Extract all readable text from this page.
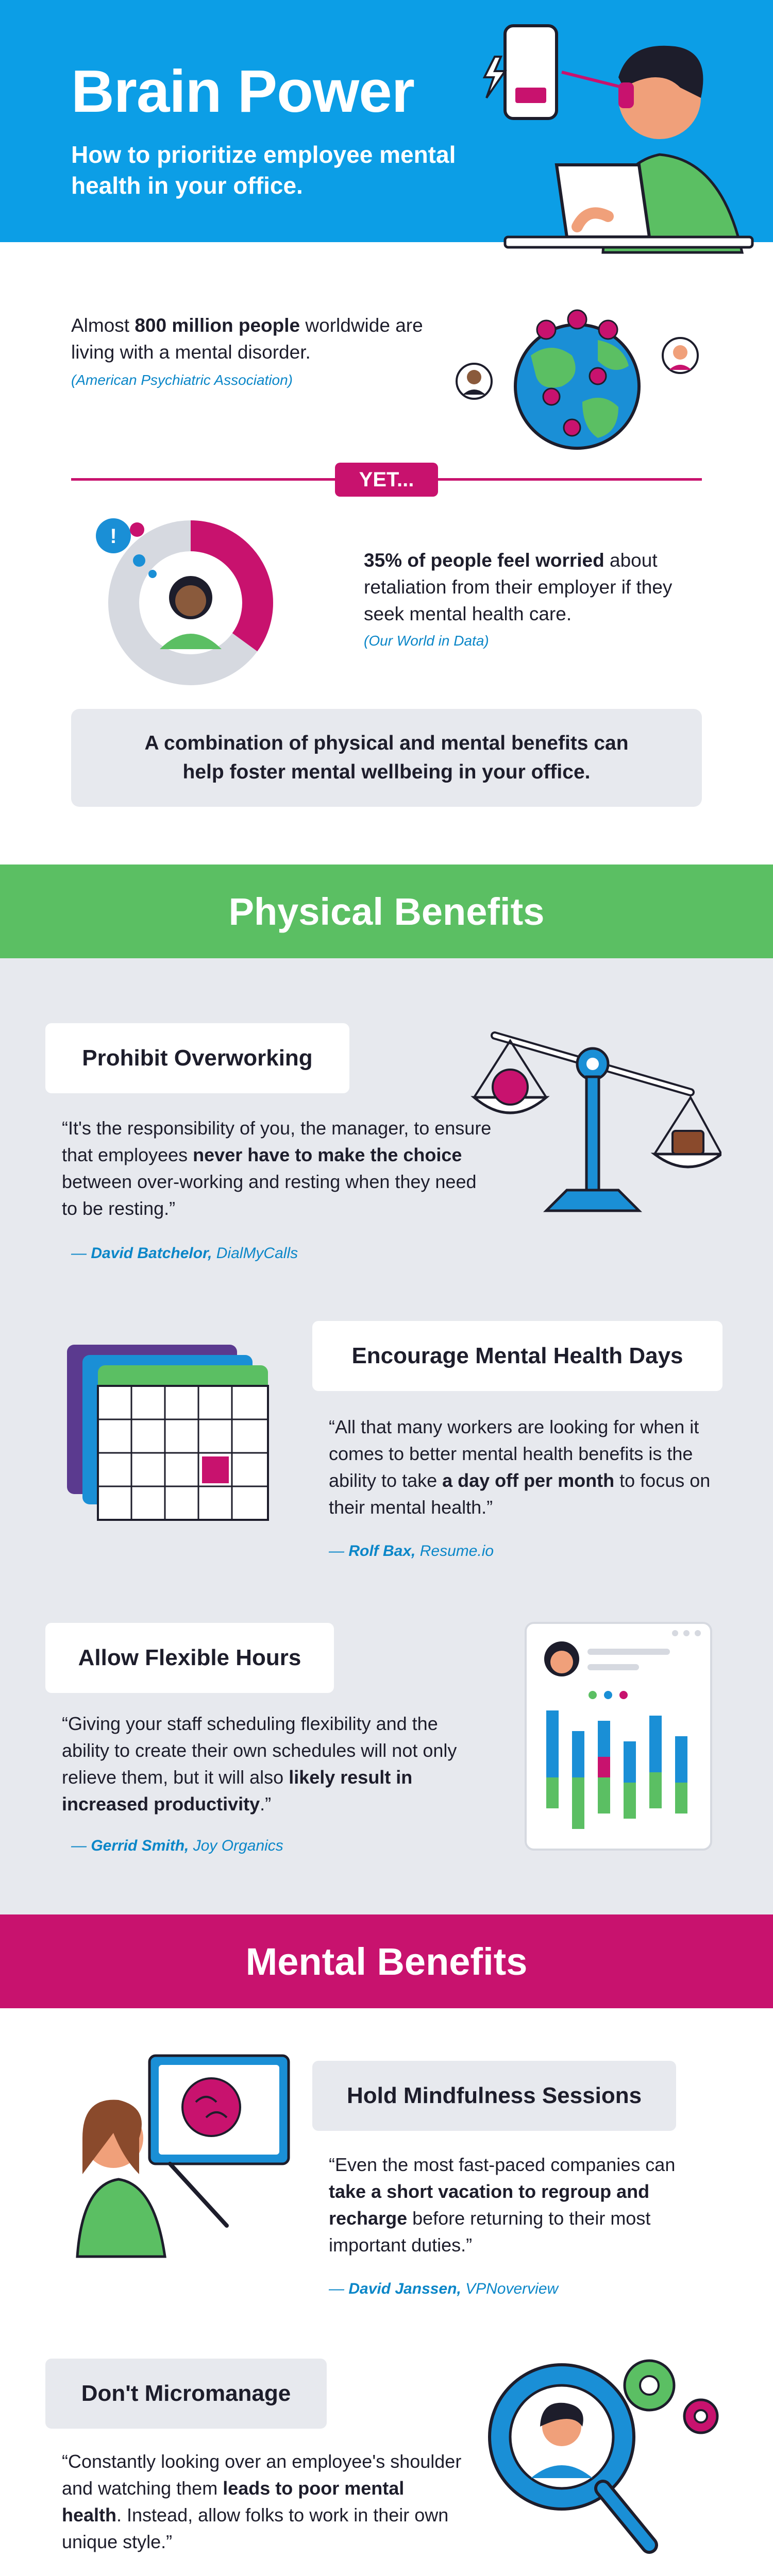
Brain Power
How to prioritize employee mental health in your office.
Almost 800 million people worldwide are living with a mental disorder.
(American Psychiatric Association)
YET...
!
35% of people feel worried about retaliation from their employer if they seek mental health care.
(Our World in Data)
A combination of physical and mental benefits can help foster mental wellbeing in your office.
Physical Benefits
Prohibit Overworking
“It's the responsibility of you, the manager, to ensure that employees never have to make the choice between over-working and resting when they need to be resting.”
— David Batchelor, DialMyCalls
Encourage Mental Health Days
“All that many workers are looking for when it comes to better mental health benefits is the ability to take a day off per month to focus on their mental health.”
— Rolf Bax, Resume.io
Allow Flexible Hours
“Giving your staff scheduling flexibility and the ability to create their own schedules will not only relieve them, but it will also likely result in increased productivity.”
— Gerrid Smith, Joy Organics
Mental Benefits
Hold Mindfulness Sessions
“Even the most fast-paced companies can take a short vacation to regroup and recharge before returning to their most important duties.”
— David Janssen, VPNoverview
Don't Micromanage
“Constantly looking over an employee's shoulder and watching them leads to poor mental health. Instead, allow folks to work in their own unique style.”
